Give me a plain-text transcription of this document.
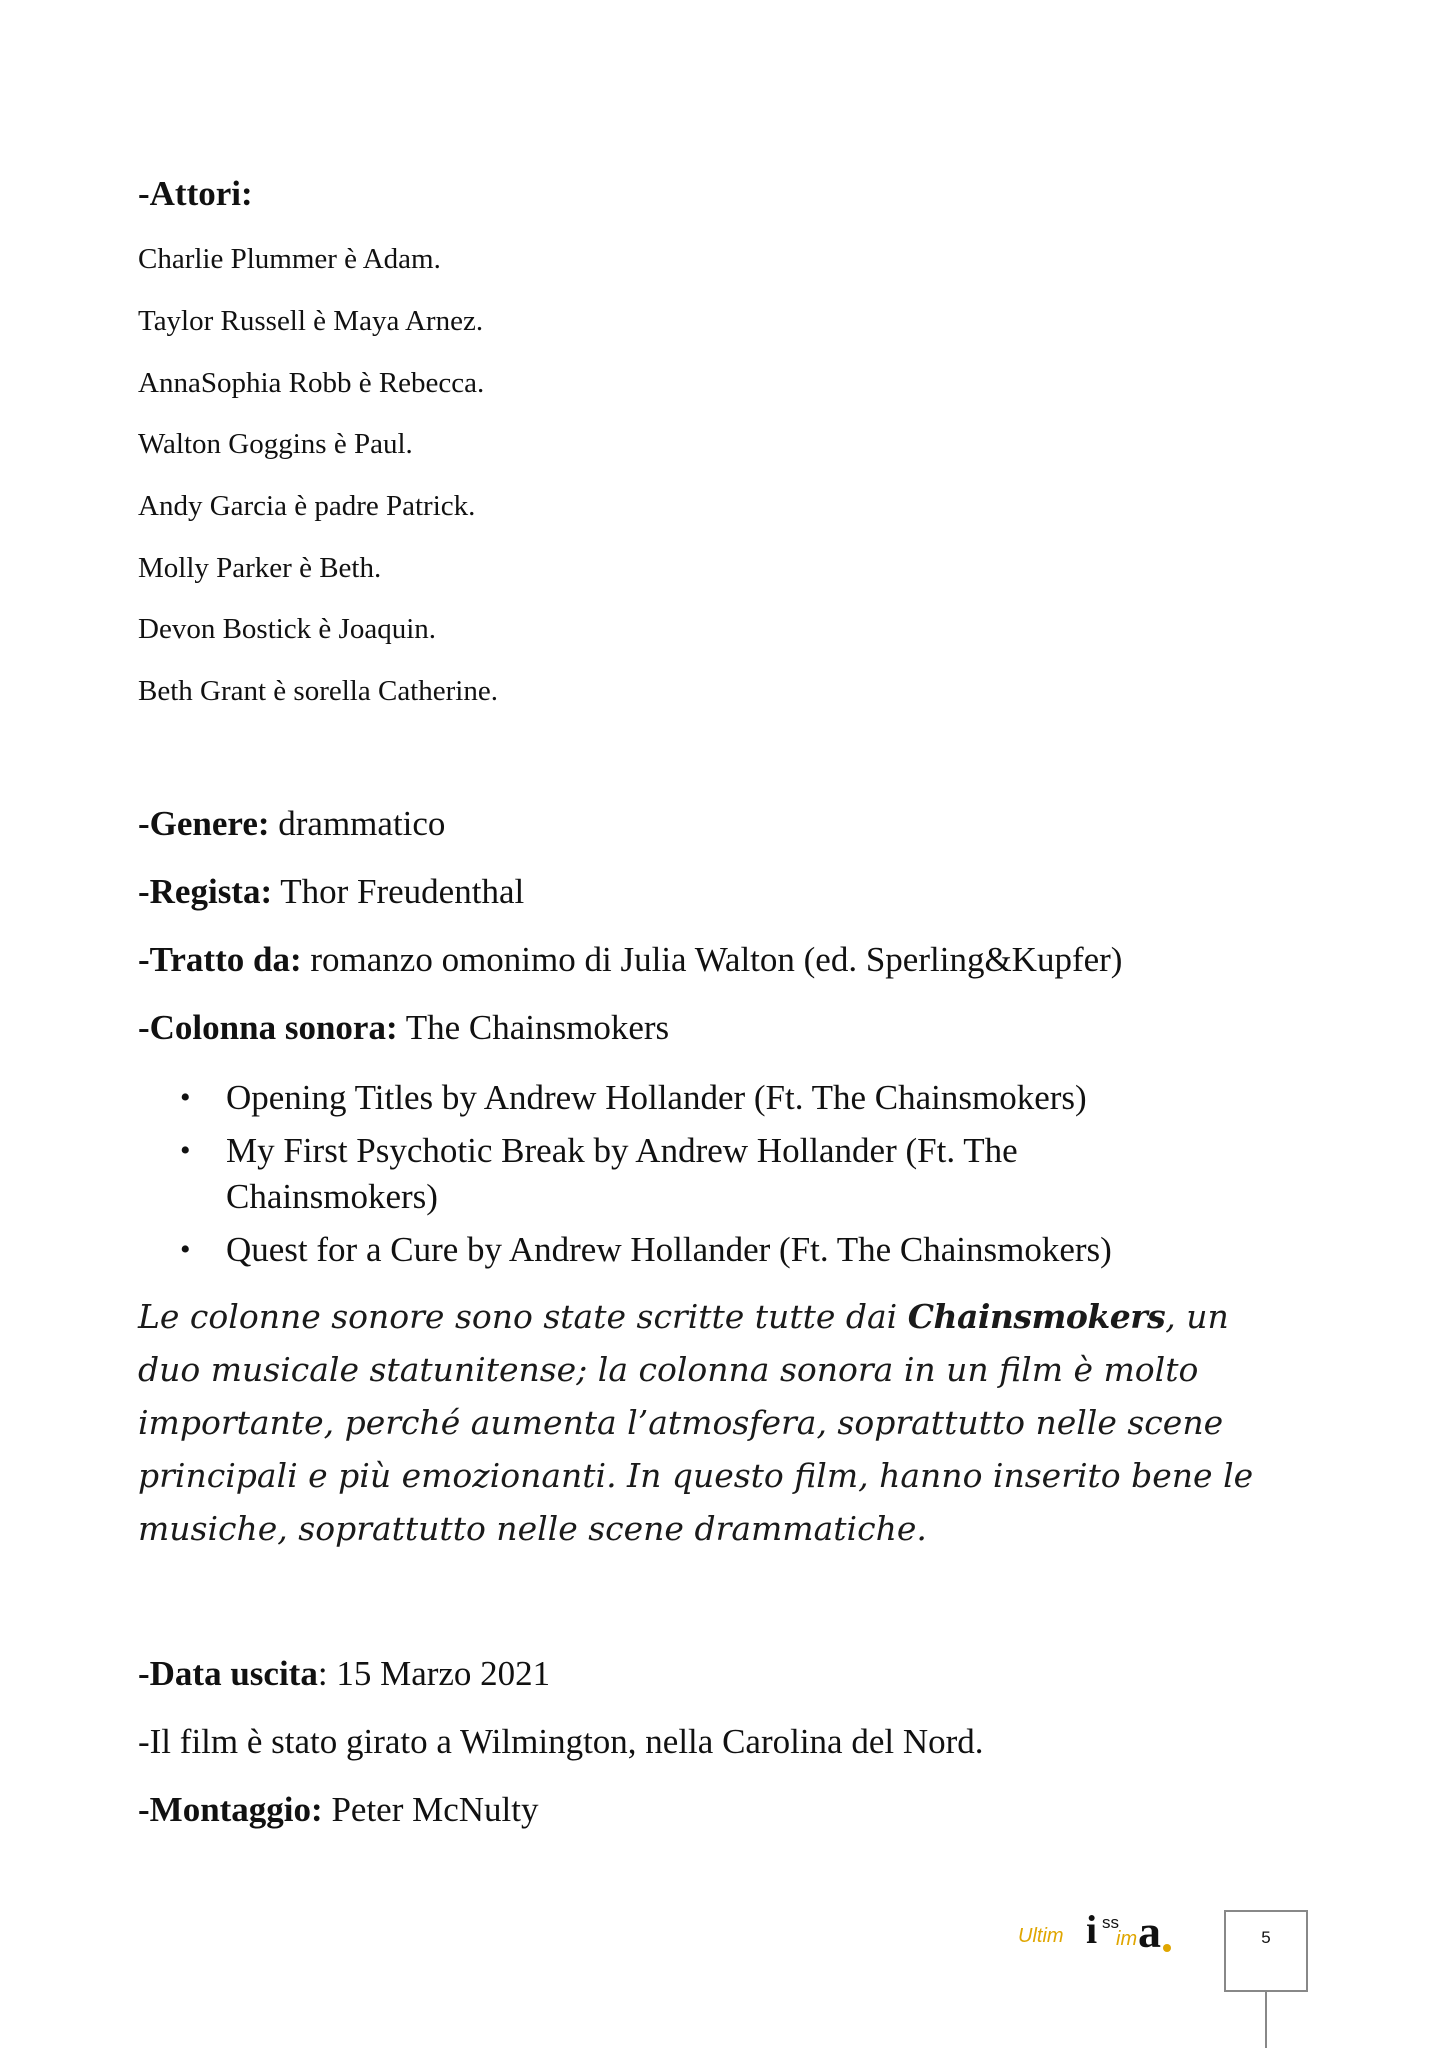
-Attori:
Charlie Plummer è Adam.
Taylor Russell è Maya Arnez.
AnnaSophia Robb è Rebecca.
Walton Goggins è Paul.
Andy Garcia è padre Patrick.
Molly Parker è Beth.
Devon Bostick è Joaquin.
Beth Grant è sorella Catherine.
-Genere: drammatico
-Regista: Thor Freudenthal
-Tratto da: romanzo omonimo di Julia Walton (ed. Sperling&Kupfer)
-Colonna sonora: The Chainsmokers
• Opening Titles by Andrew Hollander (Ft. The Chainsmokers)
• My First Psychotic Break by Andrew Hollander (Ft. The Chainsmokers)
• Quest for a Cure by Andrew Hollander (Ft. The Chainsmokers)
Le colonne sonore sono state scritte tutte dai Chainsmokers, un duo musicale statunitense; la colonna sonora in un film è molto importante, perché aumenta l’atmosfera, soprattutto nelle scene principali e più emozionanti. In questo film, hanno inserito bene le musiche, soprattutto nelle scene drammatiche.
-Data uscita: 15 Marzo 2021
-Il film è stato girato a Wilmington, nella Carolina del Nord.
-Montaggio: Peter McNulty
Ultim i ss
im a	5
